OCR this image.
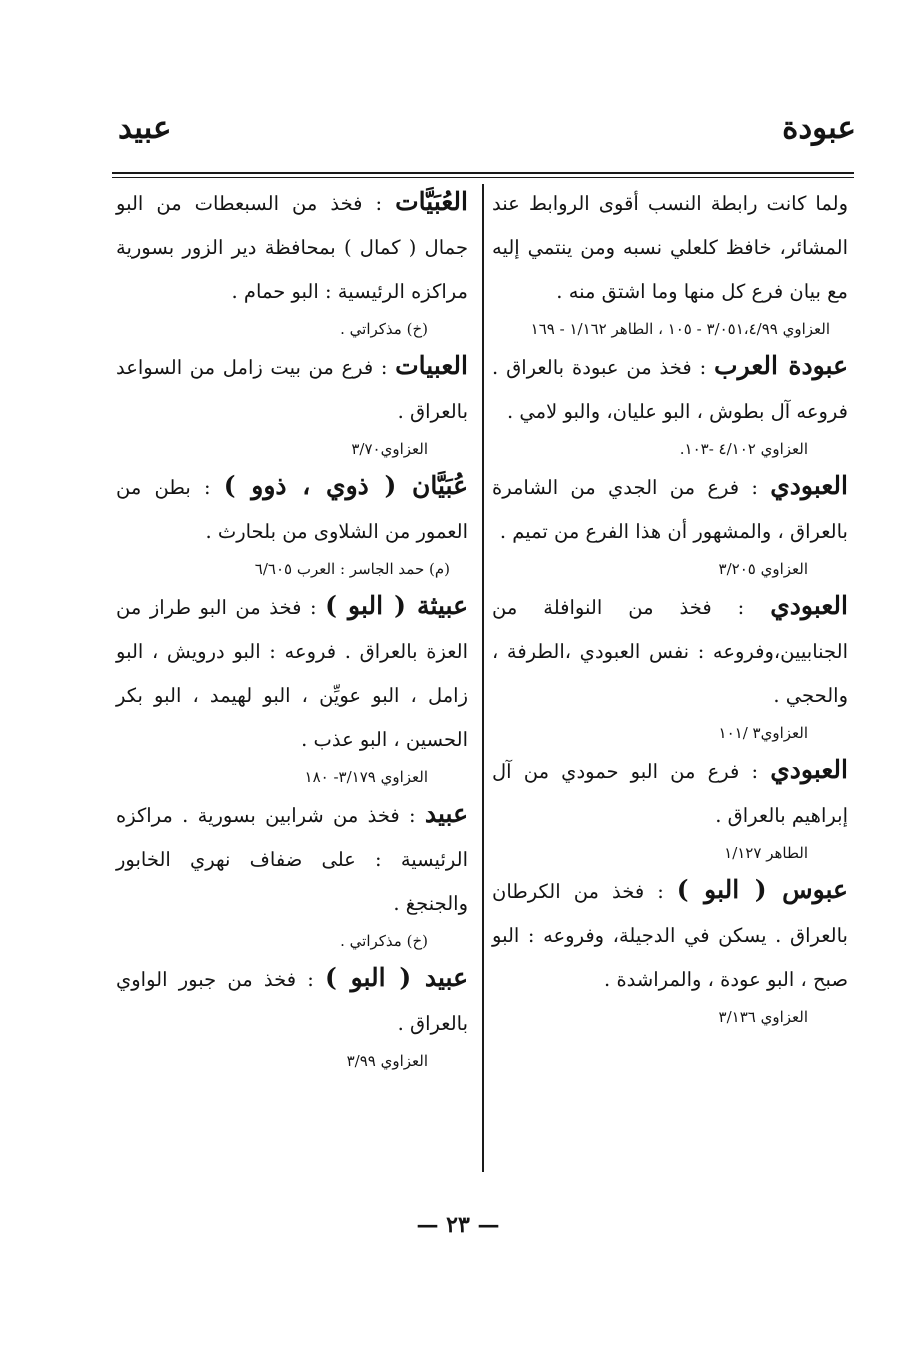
عبودة
عبيد

ولما كانت رابطة النسب أقوى الروابط عند المشائر، خافظ كلعلي نسبه ومن ينتمي إليه مع بيان فرع كل منها وما اشتق منه .

العزاوي ٣/٠٥١،٤/٩٩ - ١٠٥ ، الطاهر ١/١٦٢ - ١٦٩

عبودة العرب : فخذ من عبودة بالعراق . فروعه آل بطوش ، البو عليان، والبو لامي .

العزاوي ٤/١٠٢ -١٠٣.

العبودي : فرع من الجدي من الشامرة بالعراق ، والمشهور أن هذا الفرع من تميم .

العزاوي ٣/٢٠٥

العبودي : فخذ من النوافلة من الجنابيين،وفروعه : نفس العبودي ،الطرفة ، والحجي .

العزاوي٣ /١٠١

العبودي : فرع من البو حمودي من آل إبراهيم بالعراق .

الطاهر ١/١٢٧

عبوس ( البو ) : فخذ من الكرطان بالعراق . يسكن في الدجيلة، وفروعه : البو صبح ، البو عودة ، والمراشدة .

العزاوي ٣/١٣٦

العُبَيَّات : فخذ من السبعطات من البو جمال ( كمال ) بمحافظة دير الزور بسورية مراكزه الرئيسية : البو حمام .

(خ) مذكراتي .

العبيات : فرع من بيت زامل من السواعد بالعراق .

العزاوي٣/٧٠

عُبَيَّان ( ذوي ، ذوو ) : بطن من العمور من الشلاوى من بلحارث .

(م) حمد الجاسر : العرب ٦/٦٠٥

عبيثة ( البو ) : فخذ من البو طراز من العزة بالعراق . فروعه : البو درويش ، البو زامل ، البو عويِّن ، البو لهيمد ، البو بكر الحسين ، البو عذب .

العزاوي ٣/١٧٩- ١٨٠

عبيد : فخذ من شرابين بسورية . مراكزه الرئيسية : على ضفاف نهري الخابور والجنجغ .

(خ) مذكراتي .

عبيد ( البو ) : فخذ من جبور الواوي بالعراق .

العزاوي ٣/٩٩
— ٢٣ —
